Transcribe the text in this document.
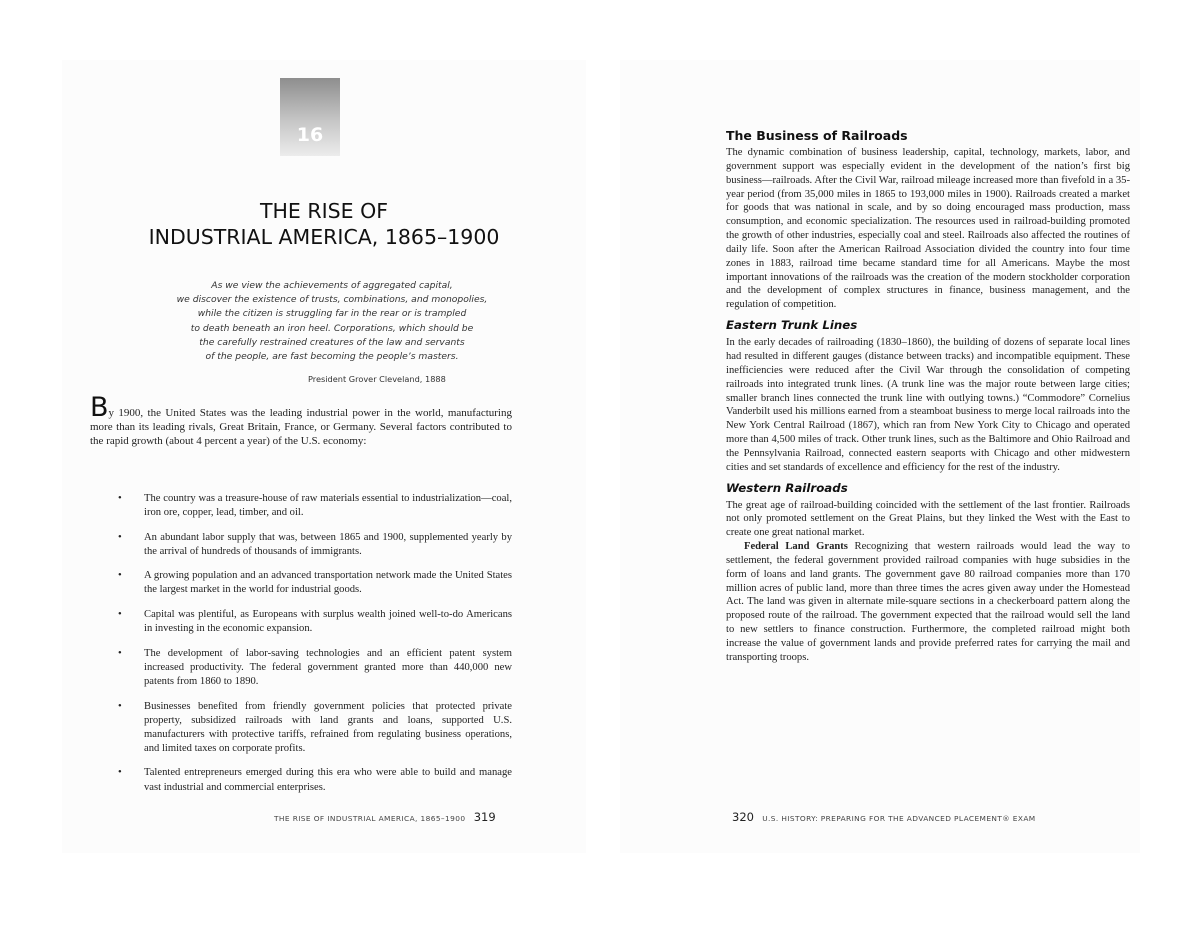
16
THE RISE OF
INDUSTRIAL AMERICA, 1865–1900
As we view the achievements of aggregated capital,
we discover the existence of trusts, combinations, and monopolies,
while the citizen is struggling far in the rear or is trampled
to death beneath an iron heel. Corporations, which should be
the carefully restrained creatures of the law and servants
of the people, are fast becoming the people’s masters.
President Grover Cleveland, 1888
By 1900, the United States was the leading industrial power in the world, manufacturing more than its leading rivals, Great Britain, France, or Germany. Several factors contributed to the rapid growth (about 4 percent a year) of the U.S. economy:
• The country was a treasure-house of raw materials essential to industrialization—coal, iron ore, copper, lead, timber, and oil.
• An abundant labor supply that was, between 1865 and 1900, supplemented yearly by the arrival of hundreds of thousands of immigrants.
• A growing population and an advanced transportation network made the United States the largest market in the world for industrial goods.
• Capital was plentiful, as Europeans with surplus wealth joined well-to-do Americans in investing in the economic expansion.
• The development of labor-saving technologies and an efficient patent system increased productivity. The federal government granted more than 440,000 new patents from 1860 to 1890.
• Businesses benefited from friendly government policies that protected private property, subsidized railroads with land grants and loans, supported U.S. manufacturers with protective tariffs, refrained from regulating business operations, and limited taxes on corporate profits.
• Talented entrepreneurs emerged during this era who were able to build and manage vast industrial and commercial enterprises.
THE RISE OF INDUSTRIAL AMERICA, 1865–1900 319
The Business of Railroads

The dynamic combination of business leadership, capital, technology, markets, labor, and government support was especially evident in the development of the nation’s first big business—railroads. After the Civil War, railroad mileage increased more than fivefold in a 35-year period (from 35,000 miles in 1865 to 193,000 miles in 1900). Railroads created a market for goods that was national in scale, and by so doing encouraged mass production, mass consumption, and economic specialization. The resources used in railroad-building promoted the growth of other industries, especially coal and steel. Railroads also affected the routines of daily life. Soon after the American Railroad Association divided the country into four time zones in 1883, railroad time became standard time for all Americans. Maybe the most important innovations of the railroads was the creation of the modern stockholder corporation and the development of complex structures in finance, business management, and the regulation of competition.

Eastern Trunk Lines

In the early decades of railroading (1830–1860), the building of dozens of separate local lines had resulted in different gauges (distance between tracks) and incompatible equipment. These inefficiencies were reduced after the Civil War through the consolidation of competing railroads into integrated trunk lines. (A trunk line was the major route between large cities; smaller branch lines connected the trunk line with outlying towns.) “Commodore” Cornelius Vanderbilt used his millions earned from a steamboat business to merge local railroads into the New York Central Railroad (1867), which ran from New York City to Chicago and operated more than 4,500 miles of track. Other trunk lines, such as the Baltimore and Ohio Railroad and the Pennsylvania Railroad, connected eastern seaports with Chicago and other midwestern cities and set standards of excellence and efficiency for the rest of the industry.

Western Railroads

The great age of railroad-building coincided with the settlement of the last frontier. Railroads not only promoted settlement on the Great Plains, but they linked the West with the East to create one great national market.

Federal Land Grants Recognizing that western railroads would lead the way to settlement, the federal government provided railroad companies with huge subsidies in the form of loans and land grants. The government gave 80 railroad companies more than 170 million acres of public land, more than three times the acres given away under the Homestead Act. The land was given in alternate mile-square sections in a checkerboard pattern along the proposed route of the railroad. The government expected that the railroad would sell the land to new settlers to finance construction. Furthermore, the completed railroad might both increase the value of government lands and provide preferred rates for carrying the mail and transporting troops.

320 U.S. HISTORY: PREPARING FOR THE ADVANCED PLACEMENT® EXAM
